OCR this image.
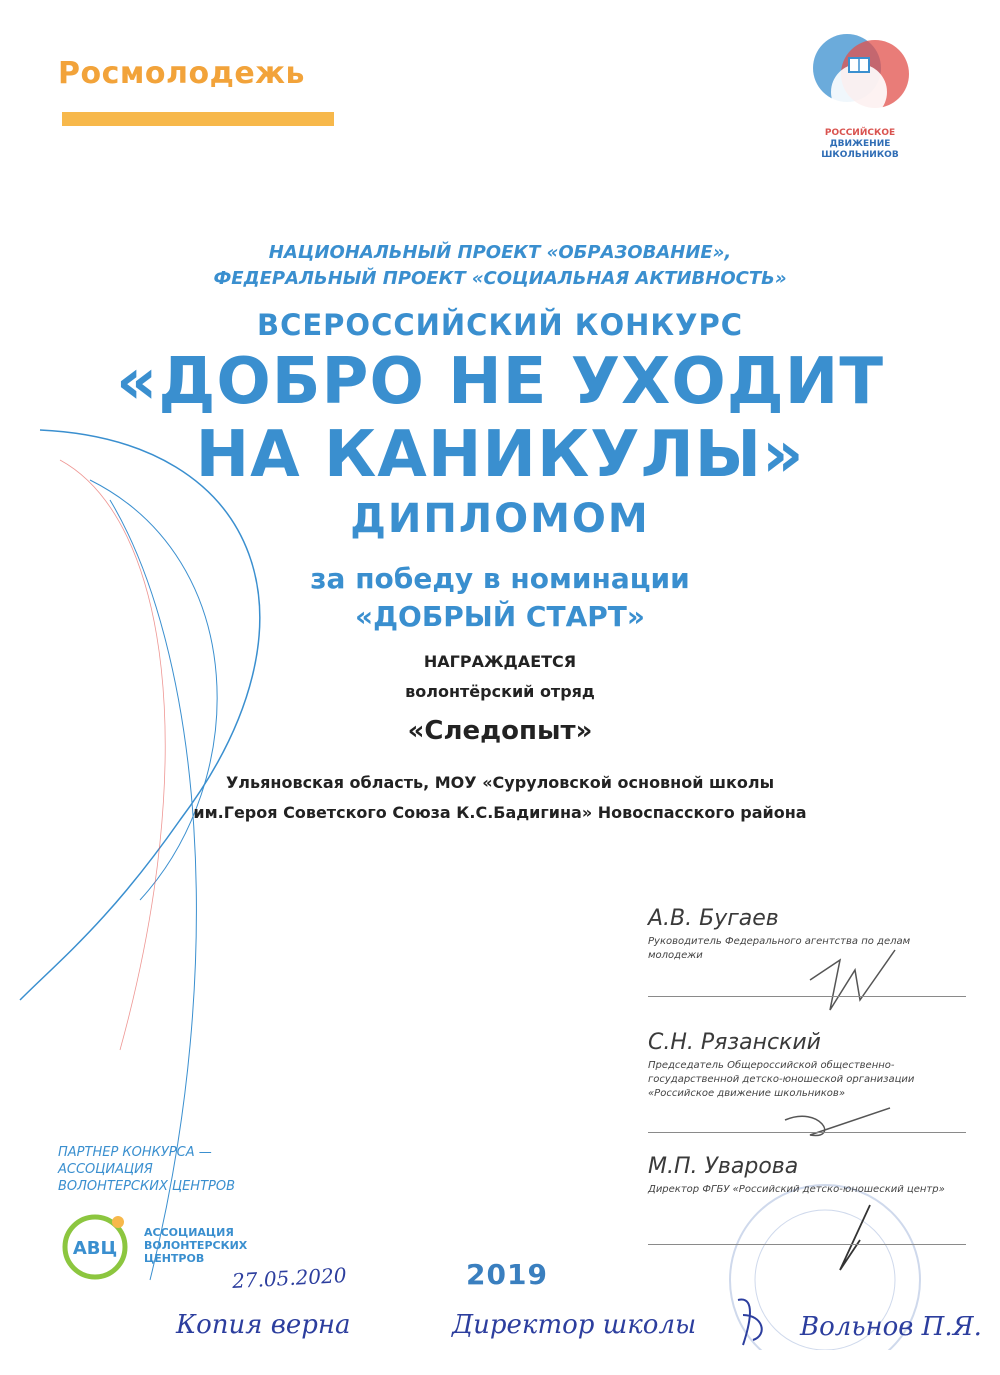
Росмолодежь
РОССИЙСКОЕ
ДВИЖЕНИЕ ШКОЛЬНИКОВ
НАЦИОНАЛЬНЫЙ ПРОЕКТ «ОБРАЗОВАНИЕ»,
ФЕДЕРАЛЬНЫЙ ПРОЕКТ «СОЦИАЛЬНАЯ АКТИВНОСТЬ»
ВСЕРОССИЙСКИЙ КОНКУРС
«ДОБРО НЕ УХОДИТ
НА КАНИКУЛЫ»
ДИПЛОМОМ
за победу в номинации
«ДОБРЫЙ СТАРТ»
НАГРАЖДАЕТСЯ
волонтёрский отряд
«Следопыт»
Ульяновская область, МОУ «Суруловской основной школы
им.Героя Советского Союза К.С.Бадигина» Новоспасского района
А.В. Бугаев
Руководитель Федерального агентства по делам молодежи
С.Н. Рязанский
Председатель Общероссийской общественно-государственной детско-юношеской организации «Российское движение школьников»
М.П. Уварова
Директор ФГБУ «Российский детско-юношеский центр»
ПАРТНЕР КОНКУРСА —
АССОЦИАЦИЯ
ВОЛОНТЕРСКИХ ЦЕНТРОВ
АВЦ
АССОЦИАЦИЯ
ВОЛОНТЕРСКИХ
ЦЕНТРОВ	2019
27.05.2020
Копия верна	Директор школы	Вольнов П.Я.
